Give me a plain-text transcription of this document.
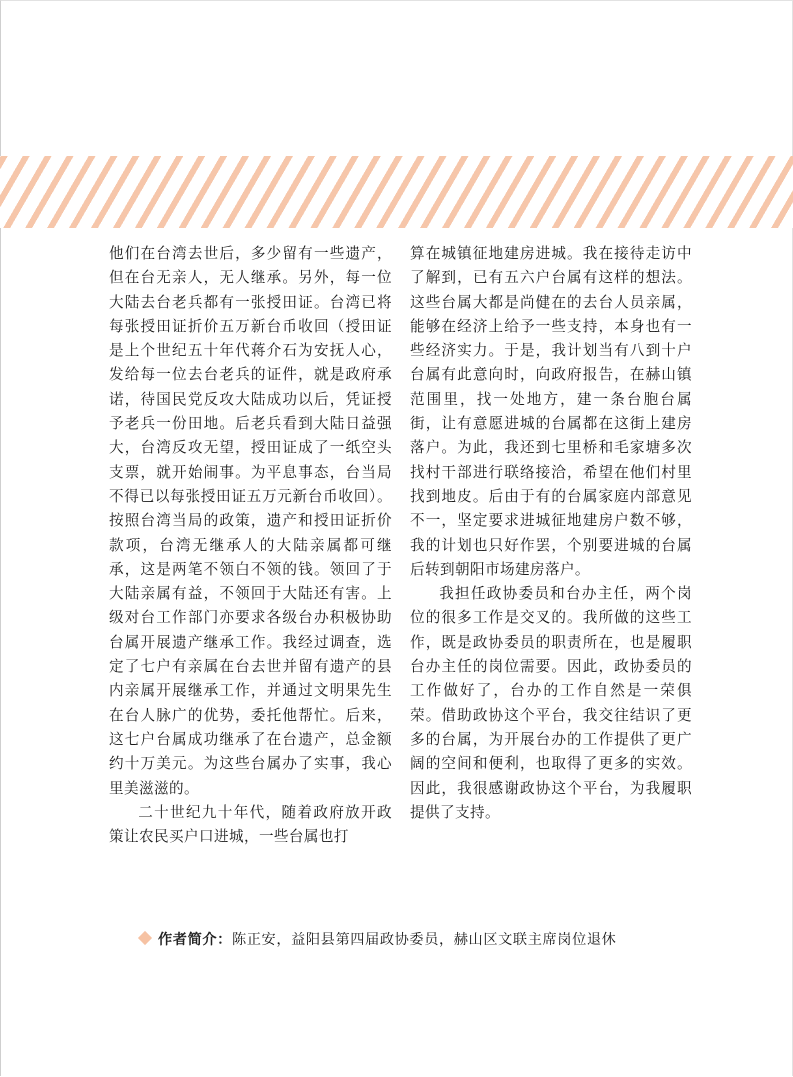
他们在台湾去世后，多少留有一些遗产，但在台无亲人，无人继承。另外，每一位大陆去台老兵都有一张授田证。台湾已将每张授田证折价五万新台币收回（授田证是上个世纪五十年代蒋介石为安抚人心，发给每一位去台老兵的证件，就是政府承诺，待国民党反攻大陆成功以后，凭证授予老兵一份田地。后老兵看到大陆日益强大，台湾反攻无望，授田证成了一纸空头支票，就开始闹事。为平息事态，台当局不得已以每张授田证五万元新台币收回）。按照台湾当局的政策，遗产和授田证折价款项，台湾无继承人的大陆亲属都可继承，这是两笔不领白不领的钱。领回了于大陆亲属有益，不领回于大陆还有害。上级对台工作部门亦要求各级台办积极协助台属开展遗产继承工作。我经过调查，选定了七户有亲属在台去世并留有遗产的县内亲属开展继承工作，并通过文明果先生在台人脉广的优势，委托他帮忙。后来，这七户台属成功继承了在台遗产，总金额约十万美元。为这些台属办了实事，我心里美滋滋的。

二十世纪九十年代，随着政府放开政策让农民买户口进城，一些台属也打

算在城镇征地建房进城。我在接待走访中了解到，已有五六户台属有这样的想法。这些台属大都是尚健在的去台人员亲属，能够在经济上给予一些支持，本身也有一些经济实力。于是，我计划当有八到十户台属有此意向时，向政府报告，在赫山镇范围里，找一处地方，建一条台胞台属街，让有意愿进城的台属都在这街上建房落户。为此，我还到七里桥和毛家塘多次找村干部进行联络接洽，希望在他们村里找到地皮。后由于有的台属家庭内部意见不一，坚定要求进城征地建房户数不够，我的计划也只好作罢，个别要进城的台属后转到朝阳市场建房落户。

我担任政协委员和台办主任，两个岗位的很多工作是交叉的。我所做的这些工作，既是政协委员的职责所在，也是履职台办主任的岗位需要。因此，政协委员的工作做好了，台办的工作自然是一荣俱荣。借助政协这个平台，我交往结识了更多的台属，为开展台办的工作提供了更广阔的空间和便利，也取得了更多的实效。因此，我很感谢政协这个平台，为我履职提供了支持。

作者简介：陈正安，益阳县第四届政协委员，赫山区文联主席岗位退休
